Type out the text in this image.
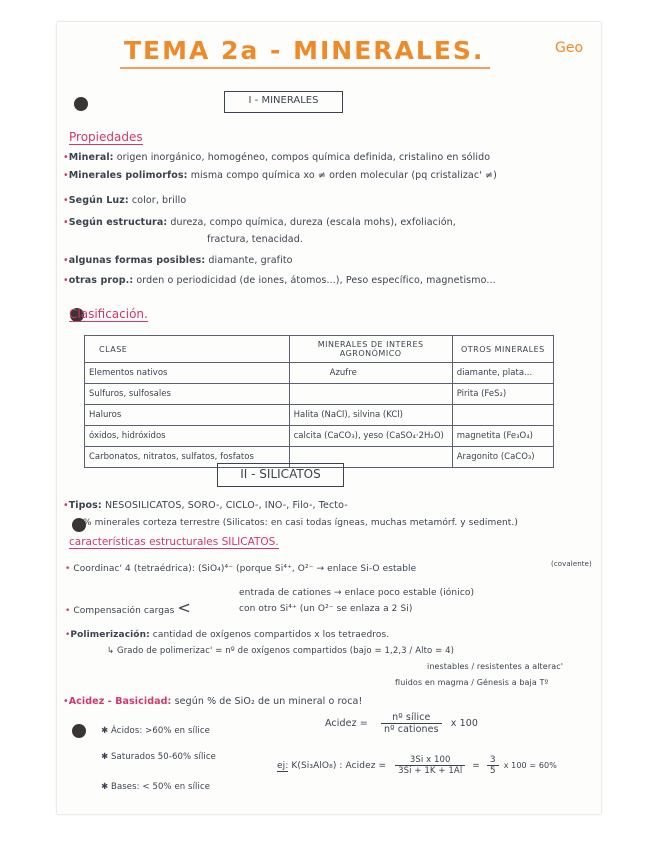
TEMA 2a - MINERALES.	Geo
I - MINERALES
Propiedades
•Mineral: origen inorgánico, homogéneo, compos química definida, cristalino en sólido
•Minerales polimorfos: misma compo química xo ≠ orden molecular (pq cristalizac' ≠)
•Según Luz: color, brillo
•Según estructura: dureza, compo química, dureza (escala mohs), exfoliación,
fractura, tenacidad.
•algunas formas posibles: diamante, grafito
•otras prop.: orden o periodicidad (de iones, átomos...), Peso específico, magnetismo...
Clasificación.
CLASE	MINERALES DE INTERES AGRONÓMICO	OTROS MINERALES
Elementos nativos	Azufre	diamante, plata...
Sulfuros, sulfosales		Pirita (FeS₂)
Haluros	Halita (NaCl), silvina (KCl)	
óxidos, hidróxidos	calcita (CaCO₃), yeso (CaSO₄·2H₂O)	magnetita (Fe₃O₄)
Carbonatos, nitratos, sulfatos, fosfatos		Aragonito (CaCO₃)
II - SILICATOS
•Tipos: NESOSILICATOS, SORO-, CICLO-, INO-, Filo-, Tecto-
% minerales corteza terrestre (Silicatos: en casi todas ígneas, muchas metamórf. y sediment.)
características estructurales SILICATOS.
• Coordinac' 4 (tetraédrica): (SiO₄)⁴⁻ (porque Si⁴⁺, O²⁻ → enlace Si-O estable	(covalente)
• Compensación cargas <
entrada de cationes → enlace poco estable (iónico)
con otro Si⁴⁺ (un O²⁻ se enlaza a 2 Si)
•Polimerización: cantidad de oxígenos compartidos x los tetraedros.
↳ Grado de polimerizac' = nº de oxígenos compartidos (bajo = 1,2,3 / Alto = 4)
inestables / resistentes a alterac'
fluidos en magma / Génesis a baja Tº
•Acidez - Basicidad: según % de SiO₂ de un mineral o roca!
✱ Ácidos: >60% en sílice
✱ Saturados 50-60% sílice
✱ Bases: < 50% en sílice
Acidez = $\frac{\text{nº sílice}}{\text{nº cationes}}$ x 100
ej: K(Si₃AlO₈) : Acidez = $\frac{\text{3Si x 100}}{3Si + 1K + 1Al} = \frac{3}{5}$ x 100 = 60%
